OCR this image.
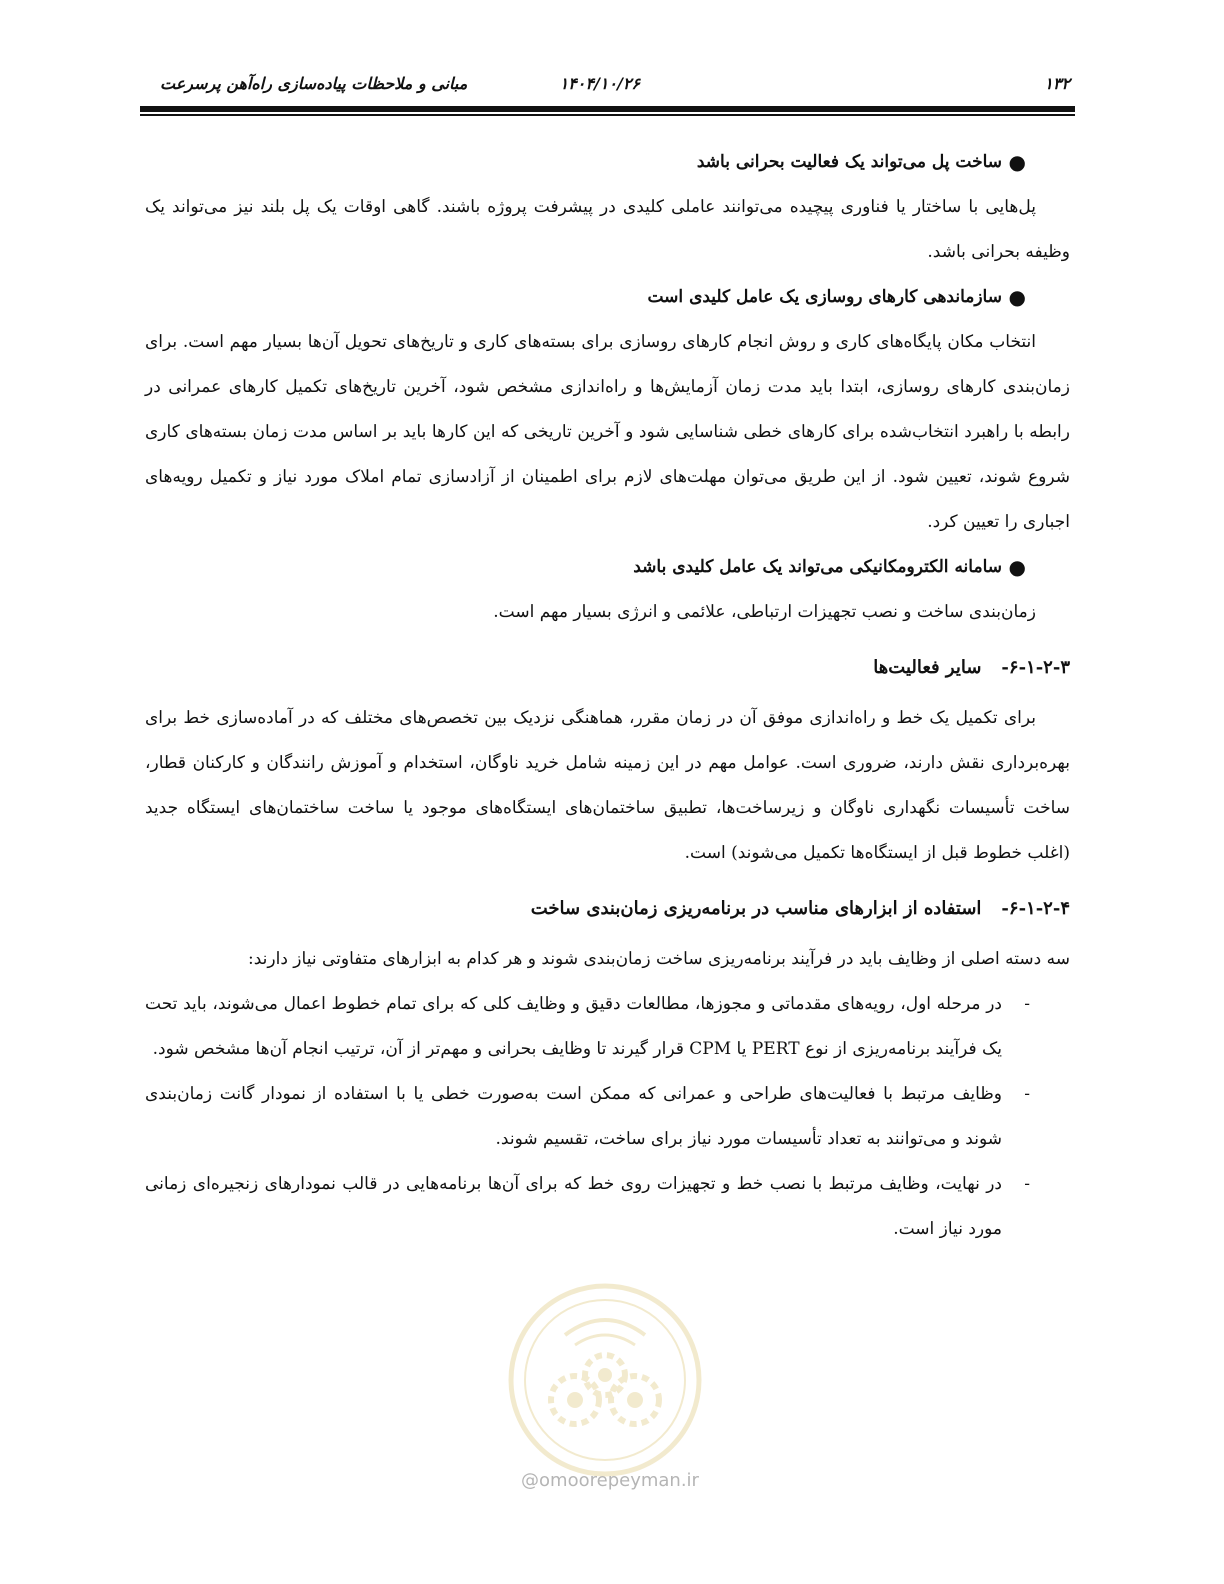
۱۳۲
۱۴۰۴/۱۰/۲۶
مبانی و ملاحظات پیاده‌سازی راه‌آهن پرسرعت

●
ساخت پل می‌تواند یک فعالیت بحرانی باشد

پل‌هایی با ساختار یا فناوری پیچیده می‌توانند عاملی کلیدی در پیشرفت پروژه باشند. گاهی اوقات یک پل بلند نیز می‌تواند یک وظیفه بحرانی باشد.

●
سازماندهی کارهای روسازی یک عامل کلیدی است

انتخاب مکان پایگاه‌های کاری و روش انجام کارهای روسازی برای بسته‌های کاری و تاریخ‌های تحویل آن‌ها بسیار مهم است. برای زمان‌بندی کارهای روسازی، ابتدا باید مدت زمان آزمایش‌ها و راه‌اندازی مشخص شود، آخرین تاریخ‌های تکمیل کارهای عمرانی در رابطه با راهبرد انتخاب‌شده برای کارهای خطی شناسایی شود و آخرین تاریخی که این کارها باید بر اساس مدت زمان بسته‌های کاری شروع شوند، تعیین شود. از این طریق می‌توان مهلت‌های لازم برای اطمینان از آزادسازی تمام املاک مورد نیاز و تکمیل رویه‌های اجباری را تعیین کرد.

●
سامانه الکترومکانیکی می‌تواند یک عامل کلیدی باشد

زمان‌بندی ساخت و نصب تجهیزات ارتباطی، علائمی و انرژی بسیار مهم است.

۶-۱-۲-۳-سایر فعالیت‌ها

برای تکمیل یک خط و راه‌اندازی موفق آن در زمان مقرر، هماهنگی نزدیک بین تخصص‌های مختلف که در آماده‌سازی خط برای بهره‌برداری نقش دارند، ضروری است. عوامل مهم در این زمینه شامل خرید ناوگان، استخدام و آموزش رانندگان و کارکنان قطار، ساخت تأسیسات نگهداری ناوگان و زیرساخت‌ها، تطبیق ساختمان‌های ایستگاه‌های موجود یا ساخت ساختمان‌های ایستگاه جدید (اغلب خطوط قبل از ایستگاه‌ها تکمیل می‌شوند) است.

۶-۱-۲-۴-استفاده از ابزارهای مناسب در برنامه‌ریزی زمان‌بندی ساخت

سه دسته اصلی از وظایف باید در فرآیند برنامه‌ریزی ساخت زمان‌بندی شوند و هر کدام به ابزارهای متفاوتی نیاز دارند:

-
در مرحله اول، رویه‌های مقدماتی و مجوزها، مطالعات دقیق و وظایف کلی که برای تمام خطوط اعمال می‌شوند، باید تحت یک فرآیند برنامه‌ریزی از نوع PERT یا CPM قرار گیرند تا وظایف بحرانی و مهم‌تر از آن، ترتیب انجام آن‌ها مشخص شود.
-
وظایف مرتبط با فعالیت‌های طراحی و عمرانی که ممکن است به‌صورت خطی یا با استفاده از نمودار گانت زمان‌بندی شوند و می‌توانند به تعداد تأسیسات مورد نیاز برای ساخت، تقسیم شوند.
-
در نهایت، وظایف مرتبط با نصب خط و تجهیزات روی خط که برای آن‌ها برنامه‌هایی در قالب نمودارهای زنجیره‌ای زمانی مورد نیاز است.
@omoorepeyman.ir
